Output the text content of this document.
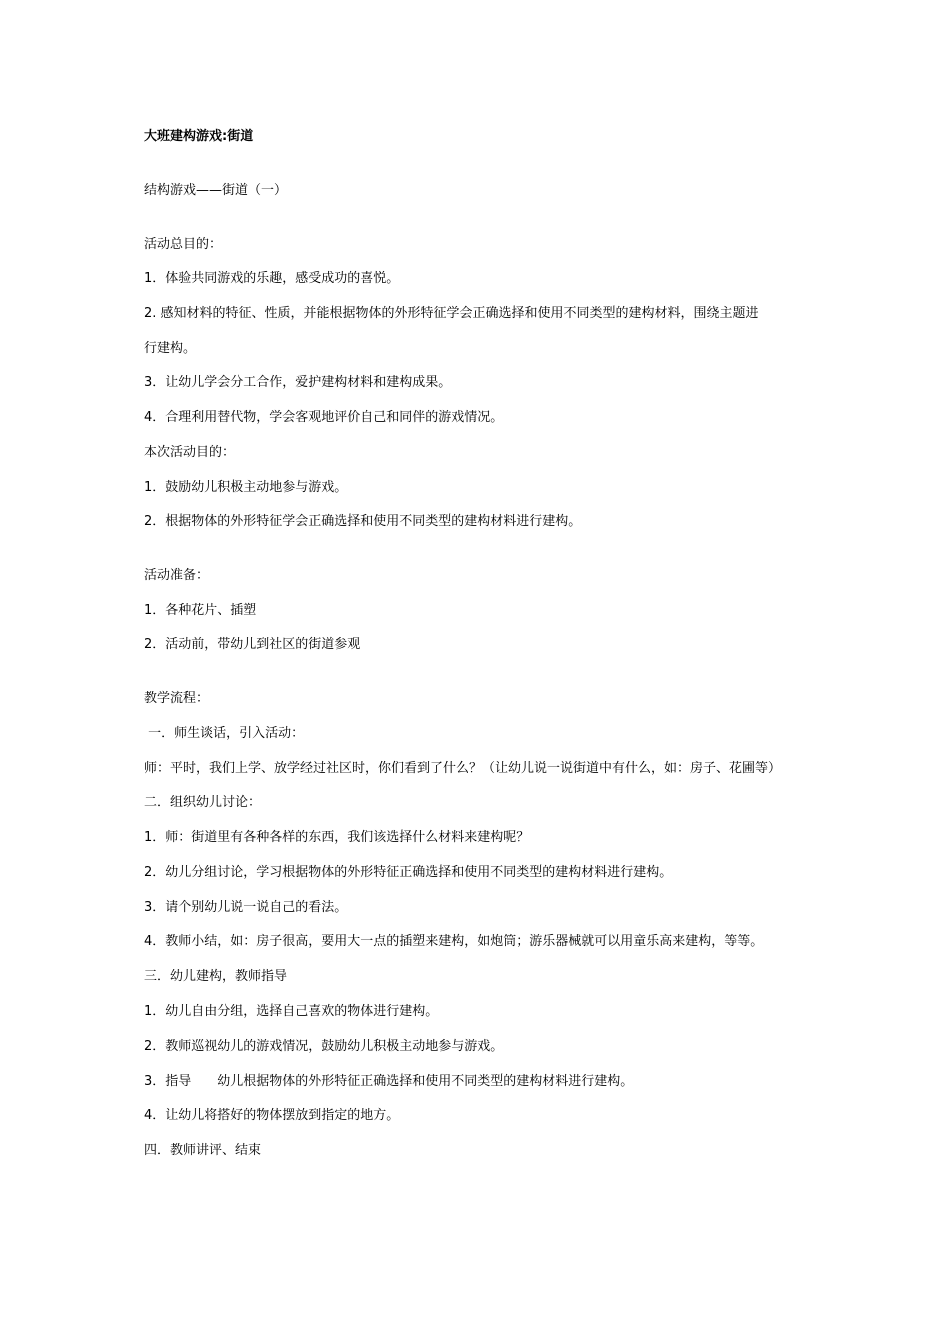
大班建构游戏:街道
结构游戏——街道（一）
活动总目的：
1．体验共同游戏的乐趣，感受成功的喜悦。
2. 感知材料的特征、性质，并能根据物体的外形特征学会正确选择和使用不同类型的建构材料，围绕主题进
行建构。
3．让幼儿学会分工合作，爱护建构材料和建构成果。
4．合理利用替代物，学会客观地评价自己和同伴的游戏情况。
本次活动目的：
1．鼓励幼儿积极主动地参与游戏。
2．根据物体的外形特征学会正确选择和使用不同类型的建构材料进行建构。
活动准备：
1．各种花片、插塑
2．活动前，带幼儿到社区的街道参观
教学流程：
一．师生谈话，引入活动：
师：平时，我们上学、放学经过社区时，你们看到了什么？（让幼儿说一说街道中有什么，如：房子、花圃等）
二．组织幼儿讨论：
1．师：街道里有各种各样的东西，我们该选择什么材料来建构呢？
2．幼儿分组讨论，学习根据物体的外形特征正确选择和使用不同类型的建构材料进行建构。
3．请个别幼儿说一说自己的看法。
4．教师小结，如：房子很高，要用大一点的插塑来建构，如炮筒；游乐器械就可以用童乐高来建构，等等。
三．幼儿建构，教师指导
1．幼儿自由分组，选择自己喜欢的物体进行建构。
2．教师巡视幼儿的游戏情况，鼓励幼儿积极主动地参与游戏。
3．指导　　幼儿根据物体的外形特征正确选择和使用不同类型的建构材料进行建构。
4．让幼儿将搭好的物体摆放到指定的地方。
四．教师讲评、结束
